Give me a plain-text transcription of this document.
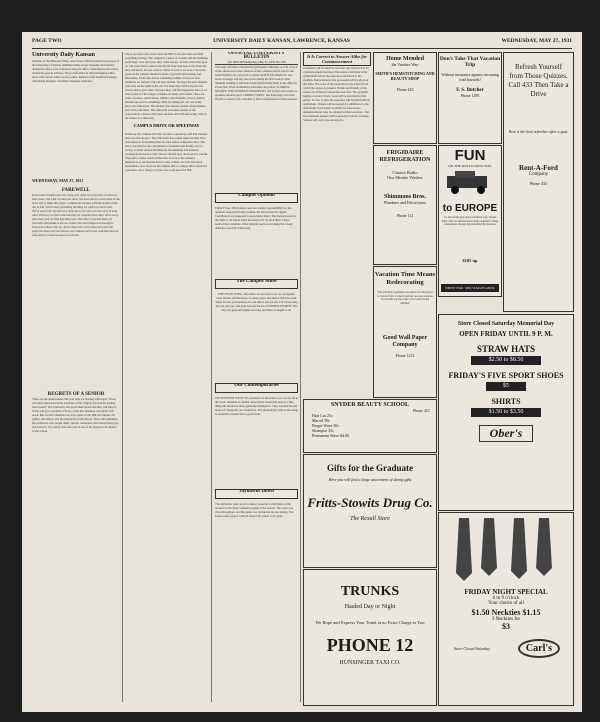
PAGE TWO	UNIVERSITY DAILY KANSAN, LAWRENCE, KANSAS	WEDNESDAY, MAY 27, 1931
University Daily Kansan
Member of the Missouri Valley Association Official student newspaper of the University of Kansas published daily except Saturday and Sunday during the school year. Entered at the post office. Subscription price three dollars the year in advance. News staff editor in chief managing editor news editor sports editor society editor. Business staff business manager advertising manager circulation manager assistants.
WEDNESDAY, MAY 27, 1931
FAREWELL
It has been a fourth year, but a long year when we look back on what we have done, and what we have not done. We have tried to write some of the news and to make this paper a campus newspaper, with the stories of the day in full. We've been graduating the thing for which we had come. We've seen it all. We have not done all we set out to do but we've at least tried. We'll say we have seen this that we wouldn't have tried. We're sorry, and every year we find this thing true. We'd like to say that these are farewells and thanks to all our readers who have helped us through it. Farewell to those who go, and to those who will come next year. Our paper has been read and reread, our columns have been criticized and our editorials have been praised. Good luck.
REGRETS OF A SENIOR
There are the usual seniors this year who are leaving with regret. Those who have taken part in the activities of the campus will feel the parting most keenly. The University has given them much and they will miss it. Some will go to graduate schools, some into business, and others will teach. But all will remember the days spent on the Hill, the friends, the games, the dances, and the long hours in the library. They will remember the professors who taught them, and the classmates who shared their joys and sorrows. The senior class this year is one of the largest in the history of the school.
Those are those who come upon the Hill for the first time and find everything strange. The campus is a place of wonder and the buildings seem huge. Year after year they come and go, and the University goes on. We want them to know that the life they lead here is the finest life they will know. Do not waste it. There is work to be done. The hours spent on the campus should be hours of growth and learning and fellowship. Each class leaves something behind. Each year new traditions are formed. The old ones remain. We hope the new students will carry on the spirit of the old. We hope they will be loyal to the school and to each other. We hope they will find happiness here as we have found it. The college activities are many and varied. There are clubs, societies, publications, athletics and dramatics. Every student should take part in something. Only by taking part can one really know the University. The student who merely attends classes misses half of his education. The other half is learned outside of the classroom in contacts with other students and with the faculty. This is the value of a University.
CAMPUS DRIVE OR SPEEDWAY
Some say the campus drive has become a speedway, and that students drive too fast along it. The University has posted signs but they have been ignored. Something must be done before someone is hurt. The drive was built for the convenience of students and faculty, not for racing. It winds around the Hill past the buildings and students crossing from class to class. Drivers should slow down and be careful. The police cannot watch all the time. It is up to the students themselves to see that the drive is safe. A little care will save lives. Remember, slow down on the campus drive. Campus drive should be a pleasure, not a danger to those who walk upon the Hill.
OFFICIAL UNIVERSITY BULLETIN
Vol. XXVIII Wednesday, May 27, 1931 No. 190
The band will meet at Robinson gymnasium Thursday at 4:30 o'clock in the afternoon for the rehearsal of the commencement march. All band members are expected to attend. MATH EXCHANGE. The book exchange will buy used texts during the first week in June. Students wishing to sell their books should bring them to the office in Fraser hall. Final examination schedules are posted. FLORIDA DEGREE FOR WOMEN'S ENGINEERS. All women who expect to graduate should report. CORRECTIONS. The following correction should be made in the schedule of final examinations for the semester.
Campus Opinion
Editor's Note. The Kansan does not assume responsibility for the opinions expressed in this column. All letters must be signed. Contributors are requested to keep letters short. The Kansan reserves the right to cut letters when necessary. Ed. To the Editor: I have noticed that a number of the students seem to be taking the wrong attitude toward the University.
The Campus Muse
THE SWAN SONG. Here there are no lovers now, no springtime roses bloom. All the hopes of others gone, and silence fills the room. Weep for me, ye mourners all, and shed a tear for me. For I have sung my last, my last, and gone beyond the sea. UNEMPLOYMENT. The days are gone and nights are long, and there is naught to do.
Our Contemporaries
WE ENJOYED SLEEP. The pleasures of the school year are not all in the work. Students at another school have found that sleep is a fine thing and should be more generally indulged in. They say that the late hours of college life are a handicap. The physiologist tells us that sleep is essential to health and to good work.
Jayhawks Down
The Jayhawks went down to defeat yesterday at the hands of the Sooners in the final conference game of the season. The score was close throughout, and the game was decided in the last inning. The Kansas nine played well but lacked the punch at the plate.
It Is Correct to Answer Alike for Commencement
Graduates will be asked to wear the cap and gown at all commencement exercises. The seniors will meet at the gymnasium before the exercises and march to the stadium. Instructions for the procession will be given at that time. The color of the tassel shows the school from which the degree is granted. Parents and friends of the seniors are invited to attend the exercises. The program begins at seven o'clock. Seats will be provided for the guests. In case of rain, the exercises will be held in Hoch auditorium. Tickets will be needed for admittance to the auditorium. Each senior is entitled to four tickets. Announcements may be obtained at the book store. The baccalaureate sermon will be preached Sunday evening. Seniors will wear caps and gowns.
Home Mended
the Vanities Way
SMITH'S HEMSTITCHING AND BEAUTY SHOP
Phone 443
Don't Take That Vacation Trip
Without insurance against incoming road hazards!
F. S. Butcher
Phone 1185
Refresh Yourself from Those Quizzes. Call 433 Then Take a Drive
Rest is the best refresher after a quiz.
Rent-A-Ford
Company
Phone 433
FRIGIDAIRE REFRIGERATION
Clarion Radio
Our Mimite Washer
Shimmons Bros.
Plumbers and Electricians
Phone 112
FUN
ON THE ROLLICKING WAY
to EUROPE
Go abroad the gay and economical way. Tourist third cabin on famous liners with congenial college companions. Round trip including all expenses.
$105 up
WHITE STAR · RED STAR ATLANTIC TRANSPORT
Vacation Time Means Redecorating
You will find a splendid assortment of wall papers to choose from. Come in and see our new patterns. Let us help you decorate your rooms for the summer.
Good Wall Paper Company
Phone 1212
Store Closed Saturday Memorial Day
OPEN FRIDAY UNTIL 9 P. M.
STRAW HATS
$2.50 to $8.50
FRIDAY'S FIVE SPORT SHOES
$5
SHIRTS
$1.50 to $3.50
Ober's
SNYDER BEAUTY SCHOOL
Phone 451
Hair Cut 25c
Marcel 50c
Finger Wave 50c
Shampoo 35c
Permanent Wave $4.00
Gifts for the Graduate
Here you will find a large assortment of dainty gifts
Fritts-Stowits Drug Co.
The Rexall Store
TRUNKS
Hauled Day or Night
We Rope and Express Your Trunk at no Extra Charge to You
PHONE 12
HUNSINGER TAXI CO.
FRIDAY NIGHT SPECIAL
6 to 9 o'clock
Your choice of all
$1.50 Neckties $1.15
3 Neckties for
$3
Store Closed Saturday	Carl's
